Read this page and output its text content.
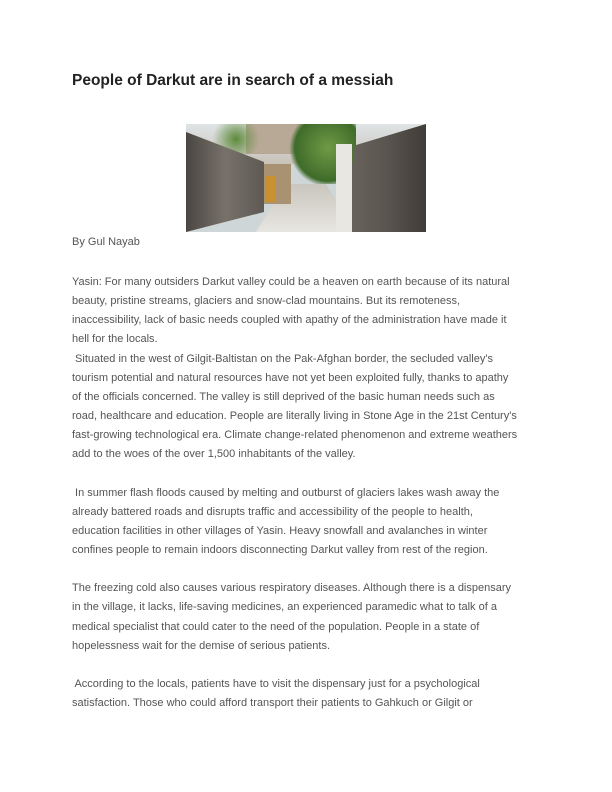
People of Darkut are in search of a messiah
By Gul Nayab
Yasin: For many outsiders Darkut valley could be a heaven on earth because of its natural
beauty, pristine streams, glaciers and snow-clad mountains. But its remoteness,
inaccessibility, lack of basic needs coupled with apathy of the administration have made it
hell for the locals.
Situated in the west of Gilgit-Baltistan on the Pak-Afghan border, the secluded valley's
tourism potential and natural resources have not yet been exploited fully, thanks to apathy
of the officials concerned. The valley is still deprived of the basic human needs such as
road, healthcare and education. People are literally living in Stone Age in the 21st Century's
fast-growing technological era. Climate change-related phenomenon and extreme weathers
add to the woes of the over 1,500 inhabitants of the valley.
In summer flash floods caused by melting and outburst of glaciers lakes wash away the
already battered roads and disrupts traffic and accessibility of the people to health,
education facilities in other villages of Yasin. Heavy snowfall and avalanches in winter
confines people to remain indoors disconnecting Darkut valley from rest of the region.
The freezing cold also causes various respiratory diseases. Although there is a dispensary
in the village, it lacks, life-saving medicines, an experienced paramedic what to talk of a
medical specialist that could cater to the need of the population. People in a state of
hopelessness wait for the demise of serious patients.
According to the locals, patients have to visit the dispensary just for a psychological
satisfaction. Those who could afford transport their patients to Gahkuch or Gilgit or
